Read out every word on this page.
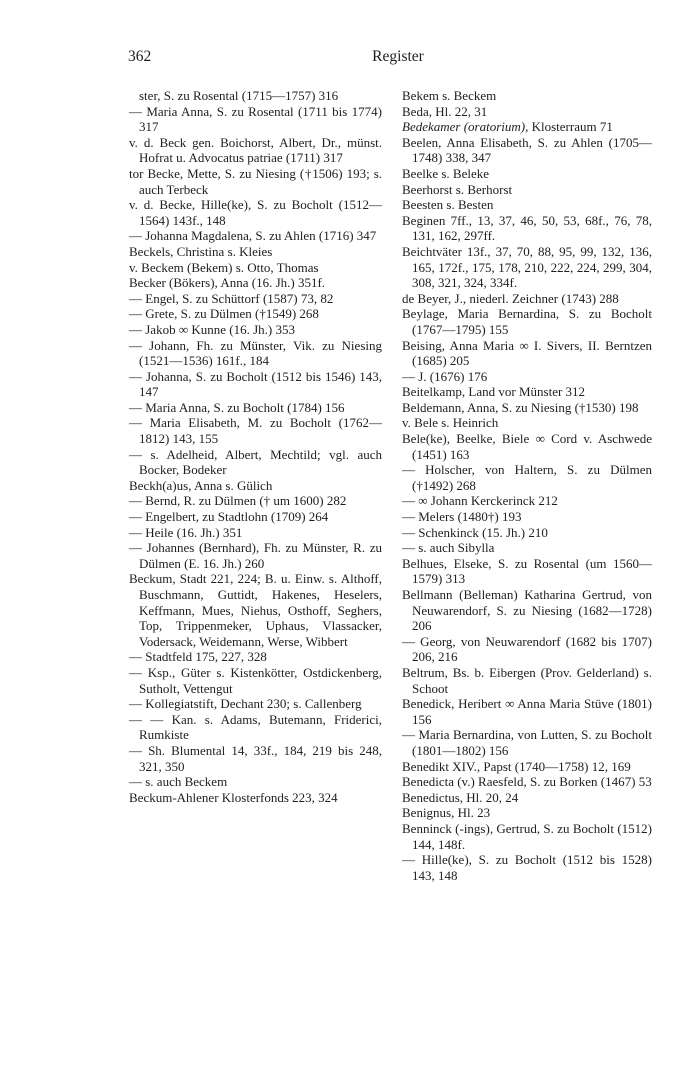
362	Register
ster, S. zu Rosental (1715—1757) 316
— Maria Anna, S. zu Rosental (1711 bis 1774) 317
v. d. Beck gen. Boichorst, Albert, Dr., münst. Hofrat u. Advocatus patriae (1711) 317
tor Becke, Mette, S. zu Niesing (†1506) 193; s. auch Terbeck
v. d. Becke, Hille(ke), S. zu Bocholt (1512—1564) 143f., 148
— Johanna Magdalena, S. zu Ahlen (1716) 347
Beckels, Christina s. Kleies
v. Beckem (Bekem) s. Otto, Thomas
Becker (Bökers), Anna (16. Jh.) 351f.
— Engel, S. zu Schüttorf (1587) 73, 82
— Grete, S. zu Dülmen (†1549) 268
— Jakob ∞ Kunne (16. Jh.) 353
— Johann, Fh. zu Münster, Vik. zu Niesing (1521—1536) 161f., 184
— Johanna, S. zu Bocholt (1512 bis 1546) 143, 147
— Maria Anna, S. zu Bocholt (1784) 156
— Maria Elisabeth, M. zu Bocholt (1762—1812) 143, 155
— s. Adelheid, Albert, Mechtild; vgl. auch Bocker, Bodeker
Beckh(a)us, Anna s. Gülich
— Bernd, R. zu Dülmen († um 1600) 282
— Engelbert, zu Stadtlohn (1709) 264
— Heile (16. Jh.) 351
— Johannes (Bernhard), Fh. zu Münster, R. zu Dülmen (E. 16. Jh.) 260
Beckum, Stadt 221, 224; B. u. Einw. s. Althoff, Buschmann, Guttidt, Hakenes, Heselers, Keffmann, Mues, Niehus, Osthoff, Seghers, Top, Trippenmeker, Uphaus, Vlassacker, Vodersack, Weidemann, Werse, Wibbert
— Stadtfeld 175, 227, 328
— Ksp., Güter s. Kistenkötter, Ostdickenberg, Sutholt, Vettengut
— Kollegiatstift, Dechant 230; s. Callenberg
— — Kan. s. Adams, Butemann, Friderici, Rumkiste
— Sh. Blumental 14, 33f., 184, 219 bis 248, 321, 350
— s. auch Beckem
Beckum-Ahlener Klosterfonds 223, 324
Bekem s. Beckem
Beda, Hl. 22, 31
Bedekamer (oratorium), Klosterraum 71
Beelen, Anna Elisabeth, S. zu Ahlen (1705—1748) 338, 347
Beelke s. Beleke
Beerhorst s. Berhorst
Beesten s. Besten
Beginen 7ff., 13, 37, 46, 50, 53, 68f., 76, 78, 131, 162, 297ff.
Beichtväter 13f., 37, 70, 88, 95, 99, 132, 136, 165, 172f., 175, 178, 210, 222, 224, 299, 304, 308, 321, 324, 334f.
de Beyer, J., niederl. Zeichner (1743) 288
Beylage, Maria Bernardina, S. zu Bocholt (1767—1795) 155
Beising, Anna Maria ∞ I. Sivers, II. Berntzen (1685) 205
— J. (1676) 176
Beitelkamp, Land vor Münster 312
Beldemann, Anna, S. zu Niesing (†1530) 198
v. Bele s. Heinrich
Bele(ke), Beelke, Biele ∞ Cord v. Aschwede (1451) 163
— Holscher, von Haltern, S. zu Dülmen (†1492) 268
— ∞ Johann Kerckerinck 212
— Melers (1480†) 193
— Schenkinck (15. Jh.) 210
— s. auch Sibylla
Belhues, Elseke, S. zu Rosental (um 1560—1579) 313
Bellmann (Belleman) Katharina Gertrud, von Neuwarendorf, S. zu Niesing (1682—1728) 206
— Georg, von Neuwarendorf (1682 bis 1707) 206, 216
Beltrum, Bs. b. Eibergen (Prov. Gelderland) s. Schoot
Benedick, Heribert ∞ Anna Maria Stüve (1801) 156
— Maria Bernardina, von Lutten, S. zu Bocholt (1801—1802) 156
Benedikt XIV., Papst (1740—1758) 12, 169
Benedicta (v.) Raesfeld, S. zu Borken (1467) 53
Benedictus, Hl. 20, 24
Benignus, Hl. 23
Benninck (-ings), Gertrud, S. zu Bocholt (1512) 144, 148f.
— Hille(ke), S. zu Bocholt (1512 bis 1528) 143, 148
